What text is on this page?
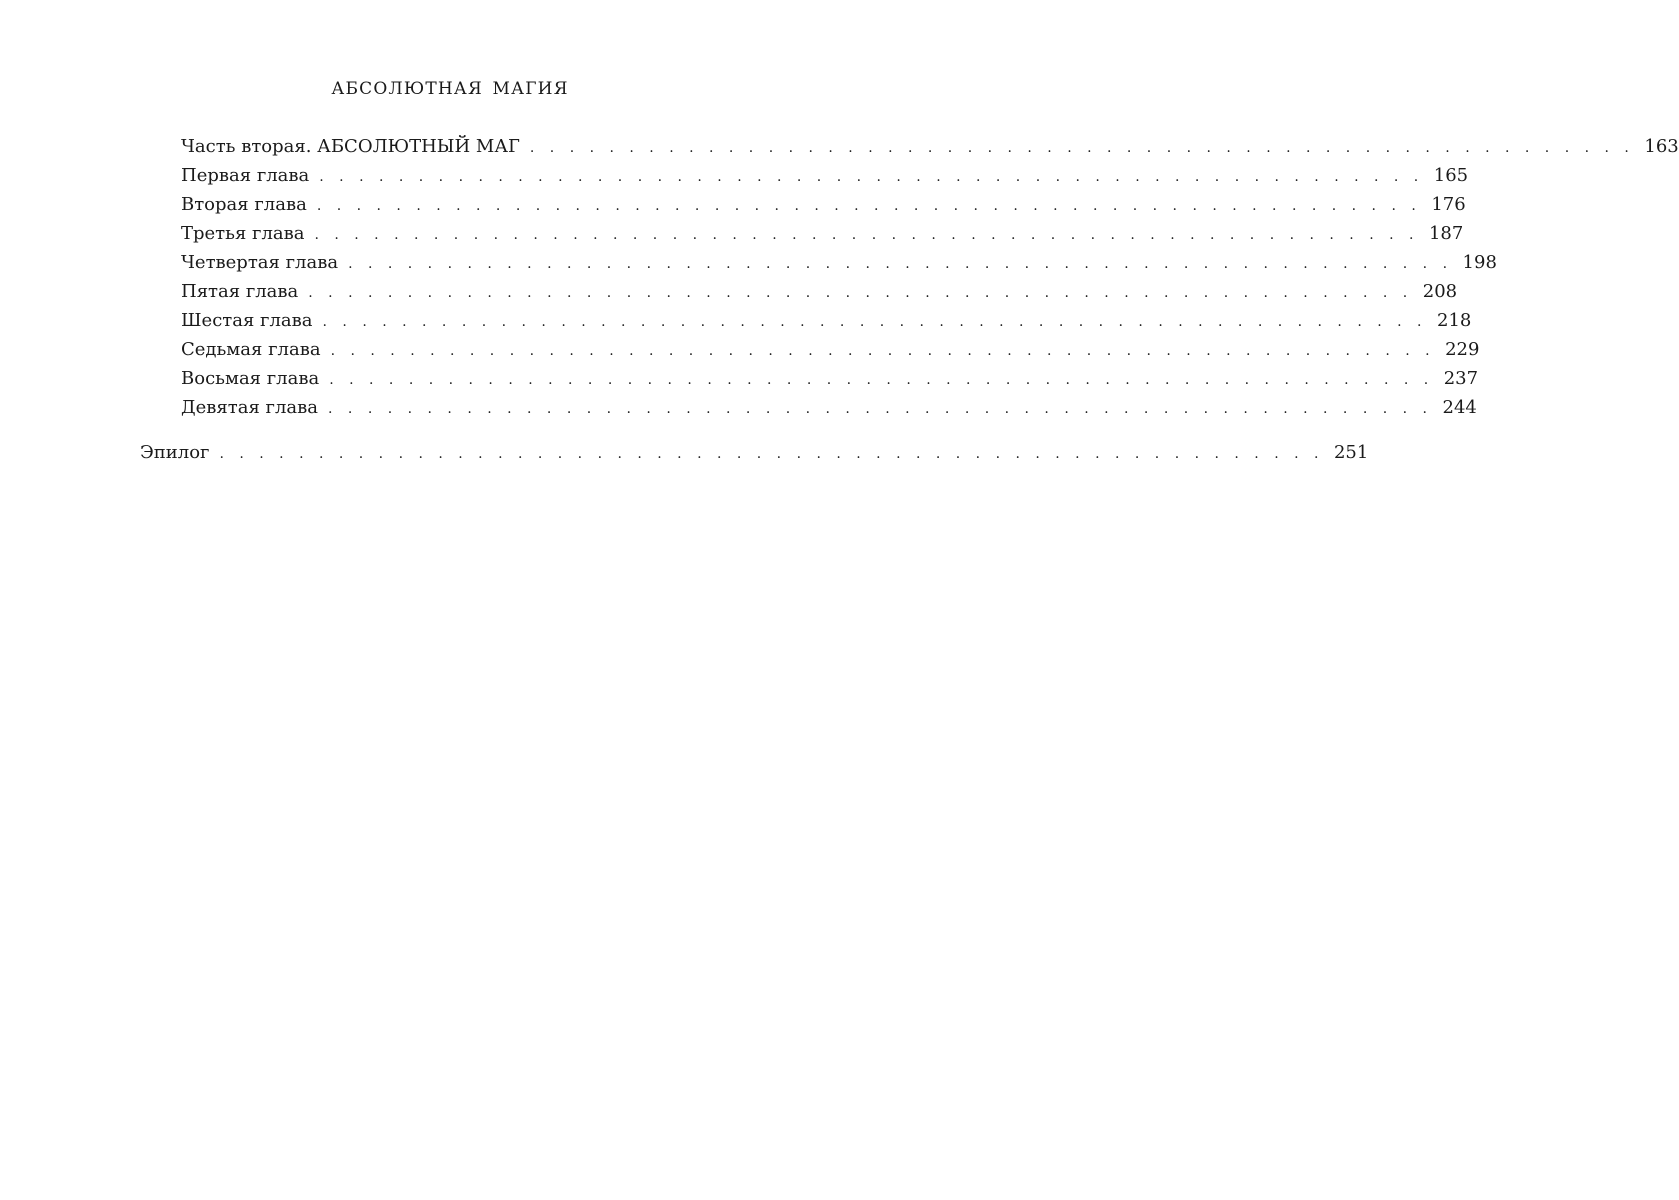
АБСОЛЮТНАЯ МАГИЯ
Часть вторая. АБСОЛЮТНЫЙ МАГ . . . . . . . . . . . . . . . . . . . . . . . . . . . . . . . . . . . . . . . . . . . . . . . . . . . . . . . . 163
Первая глава . . . . . . . . . . . . . . . . . . . . . . . . . . . . . . . . . . . . . . . . . . . . . . . . . . . . . . . . 165
Вторая глава . . . . . . . . . . . . . . . . . . . . . . . . . . . . . . . . . . . . . . . . . . . . . . . . . . . . . . . . 176
Третья глава . . . . . . . . . . . . . . . . . . . . . . . . . . . . . . . . . . . . . . . . . . . . . . . . . . . . . . . . 187
Четвертая глава . . . . . . . . . . . . . . . . . . . . . . . . . . . . . . . . . . . . . . . . . . . . . . . . . . . . . . . . 198
Пятая глава . . . . . . . . . . . . . . . . . . . . . . . . . . . . . . . . . . . . . . . . . . . . . . . . . . . . . . . . 208
Шестая глава . . . . . . . . . . . . . . . . . . . . . . . . . . . . . . . . . . . . . . . . . . . . . . . . . . . . . . . . 218
Седьмая глава . . . . . . . . . . . . . . . . . . . . . . . . . . . . . . . . . . . . . . . . . . . . . . . . . . . . . . . . 229
Восьмая глава . . . . . . . . . . . . . . . . . . . . . . . . . . . . . . . . . . . . . . . . . . . . . . . . . . . . . . . . 237
Девятая глава . . . . . . . . . . . . . . . . . . . . . . . . . . . . . . . . . . . . . . . . . . . . . . . . . . . . . . . . 244
Эпилог . . . . . . . . . . . . . . . . . . . . . . . . . . . . . . . . . . . . . . . . . . . . . . . . . . . . . . . . 251
